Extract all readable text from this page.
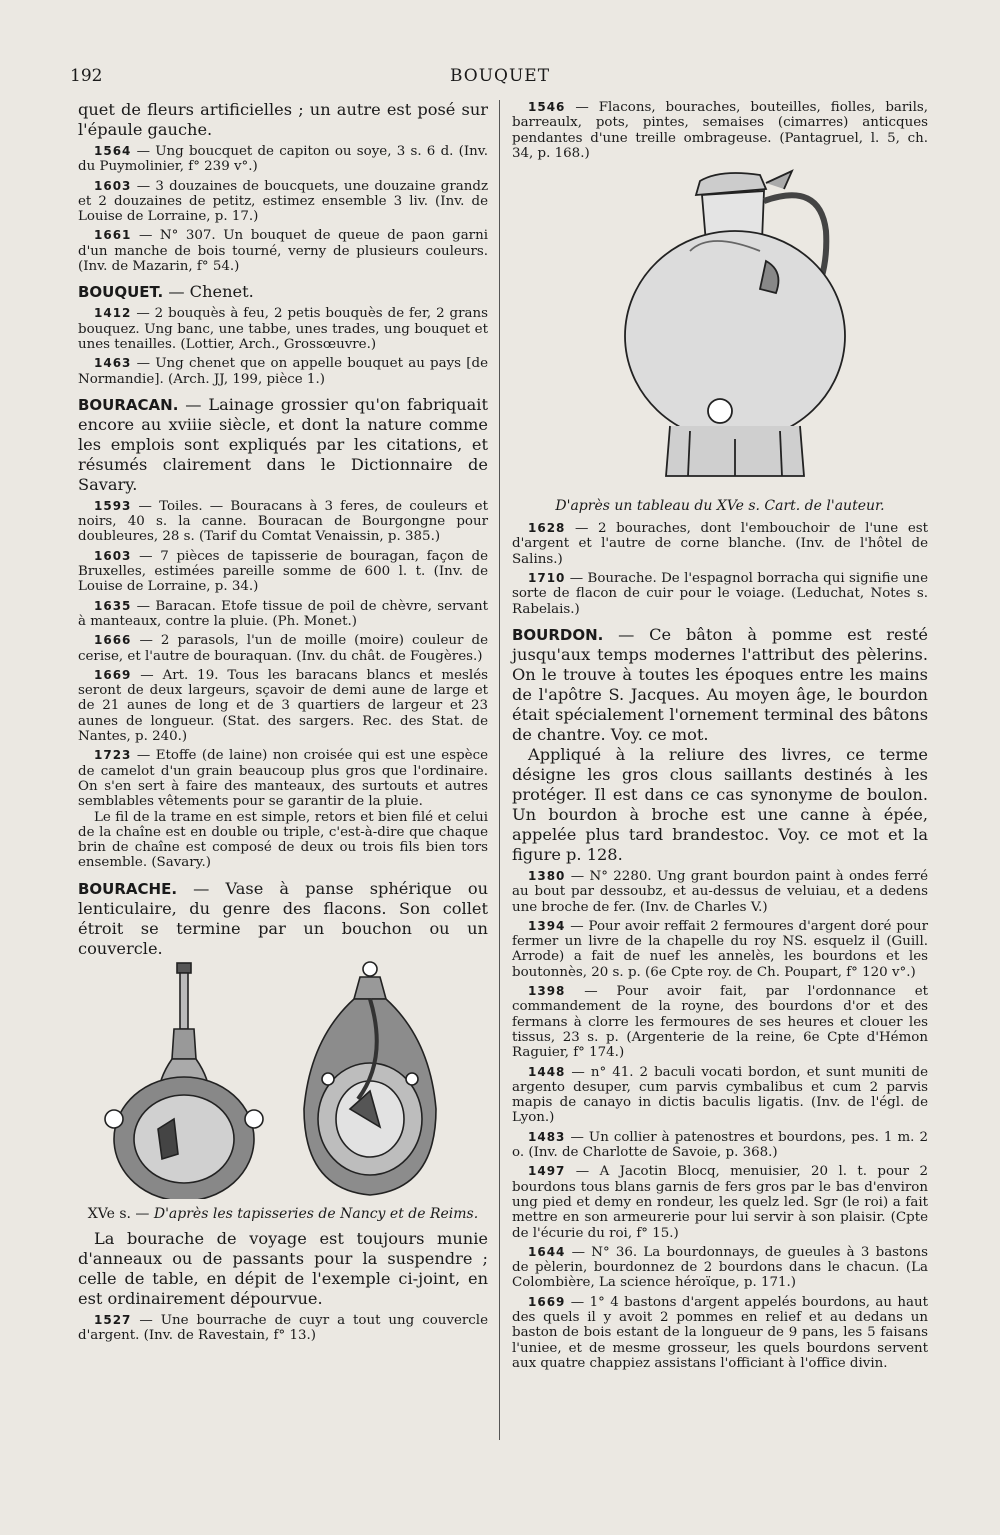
192	BOUQUET

quet de fleurs artificielles ; un autre est posé sur l'épaule gauche.

1564 — Ung boucquet de capiton ou soye, 3 s. 6 d. (Inv. du Puymolinier, f° 239 v°.)

1603 — 3 douzaines de boucquets, une douzaine grandz et 2 douzaines de petitz, estimez ensemble 3 liv. (Inv. de Louise de Lorraine, p. 17.)

1661 — N° 307. Un bouquet de queue de paon garni d'un manche de bois tourné, verny de plusieurs couleurs. (Inv. de Mazarin, f° 54.)

BOUQUET. — Chenet.

1412 — 2 bouquès à feu, 2 petis bouquès de fer, 2 grans bouquez. Ung banc, une tabbe, unes trades, ung bouquet et unes tenailles. (Lottier, Arch., Grossœuvre.)

1463 — Ung chenet que on appelle bouquet au pays [de Normandie]. (Arch. JJ, 199, pièce 1.)

BOURACAN. — Lainage grossier qu'on fabriquait encore au xviiie siècle, et dont la nature comme les emplois sont expliqués par les citations, et résumés clairement dans le Dictionnaire de Savary.

1593 — Toiles. — Bouracans à 3 feres, de couleurs et noirs, 40 s. la canne. Bouracan de Bourgongne pour doubleures, 28 s. (Tarif du Comtat Venaissin, p. 385.)

1603 — 7 pièces de tapisserie de bouragan, façon de Bruxelles, estimées pareille somme de 600 l. t. (Inv. de Louise de Lorraine, p. 34.)

1635 — Baracan. Etofe tissue de poil de chèvre, servant à manteaux, contre la pluie. (Ph. Monet.)

1666 — 2 parasols, l'un de moille (moire) couleur de cerise, et l'autre de bouraquan. (Inv. du chât. de Fougères.)

1669 — Art. 19. Tous les baracans blancs et meslés seront de deux largeurs, sçavoir de demi aune de large et de 21 aunes de long et de 3 quartiers de largeur et 23 aunes de longueur. (Stat. des sargers. Rec. des Stat. de Nantes, p. 240.)

1723 — Etoffe (de laine) non croisée qui est une espèce de camelot d'un grain beaucoup plus gros que l'ordinaire. On s'en sert à faire des manteaux, des surtouts et autres semblables vêtements pour se garantir de la pluie.

Le fil de la trame en est simple, retors et bien filé et celui de la chaîne est en double ou triple, c'est-à-dire que chaque brin de chaîne est composé de deux ou trois fils bien tors ensemble. (Savary.)

BOURACHE. — Vase à panse sphérique ou lenticulaire, du genre des flacons. Son collet étroit se termine par un bouchon ou un couvercle.

XVe s. — D'après les tapisseries de Nancy et de Reims.

La bourache de voyage est toujours munie d'anneaux ou de passants pour la suspendre ; celle de table, en dépit de l'exemple ci-joint, en est ordinairement dépourvue.

1527 — Une bourrache de cuyr a tout ung couvercle d'argent. (Inv. de Ravestain, f° 13.)

1546 — Flacons, bouraches, bouteilles, fiolles, barils, barreaulx, pots, pintes, semaises (cimarres) anticques pendantes d'une treille ombrageuse. (Pantagruel, l. 5, ch. 34, p. 168.)

D'après un tableau du XVe s. Cart. de l'auteur.

1628 — 2 bouraches, dont l'embouchoir de l'une est d'argent et l'autre de corne blanche. (Inv. de l'hôtel de Salins.)

1710 — Bourache. De l'espagnol borracha qui signifie une sorte de flacon de cuir pour le voiage. (Leduchat, Notes s. Rabelais.)

BOURDON. — Ce bâton à pomme est resté jusqu'aux temps modernes l'attribut des pèlerins. On le trouve à toutes les époques entre les mains de l'apôtre S. Jacques. Au moyen âge, le bourdon était spécialement l'ornement terminal des bâtons de chantre. Voy. ce mot.

Appliqué à la reliure des livres, ce terme désigne les gros clous saillants destinés à les protéger. Il est dans ce cas synonyme de boulon. Un bourdon à broche est une canne à épée, appelée plus tard brandestoc. Voy. ce mot et la figure p. 128.

1380 — N° 2280. Ung grant bourdon paint à ondes ferré au bout par dessoubz, et au-dessus de veluiau, et a dedens une broche de fer. (Inv. de Charles V.)

1394 — Pour avoir reffait 2 fermoures d'argent doré pour fermer un livre de la chapelle du roy NS. esquelz il (Guill. Arrode) a fait de nuef les annelès, les bourdons et les boutonnès, 20 s. p. (6e Cpte roy. de Ch. Poupart, f° 120 v°.)

1398 — Pour avoir fait, par l'ordonnance et commandement de la royne, des bourdons d'or et des fermans à clorre les fermoures de ses heures et clouer les tissus, 23 s. p. (Argenterie de la reine, 6e Cpte d'Hémon Raguier, f° 174.)

1448 — n° 41. 2 baculi vocati bordon, et sunt muniti de argento desuper, cum parvis cymbalibus et cum 2 parvis mapis de canayo in dictis baculis ligatis. (Inv. de l'égl. de Lyon.)

1483 — Un collier à patenostres et bourdons, pes. 1 m. 2 o. (Inv. de Charlotte de Savoie, p. 368.)

1497 — A Jacotin Blocq, menuisier, 20 l. t. pour 2 bourdons tous blans garnis de fers gros par le bas d'environ ung pied et demy en rondeur, les quelz led. Sgr (le roi) a fait mettre en son armeurerie pour lui servir à son plaisir. (Cpte de l'écurie du roi, f° 15.)

1644 — N° 36. La bourdonnays, de gueules à 3 bastons de pèlerin, bourdonnez de 2 bourdons dans le chacun. (La Colombière, La science héroïque, p. 171.)

1669 — 1° 4 bastons d'argent appelés bourdons, au haut des quels il y avoit 2 pommes en relief et au dedans un baston de bois estant de la longueur de 9 pans, les 5 faisans l'uniee, et de mesme grosseur, les quels bourdons servent aux quatre chappiez assistans l'officiant à l'office divin.
